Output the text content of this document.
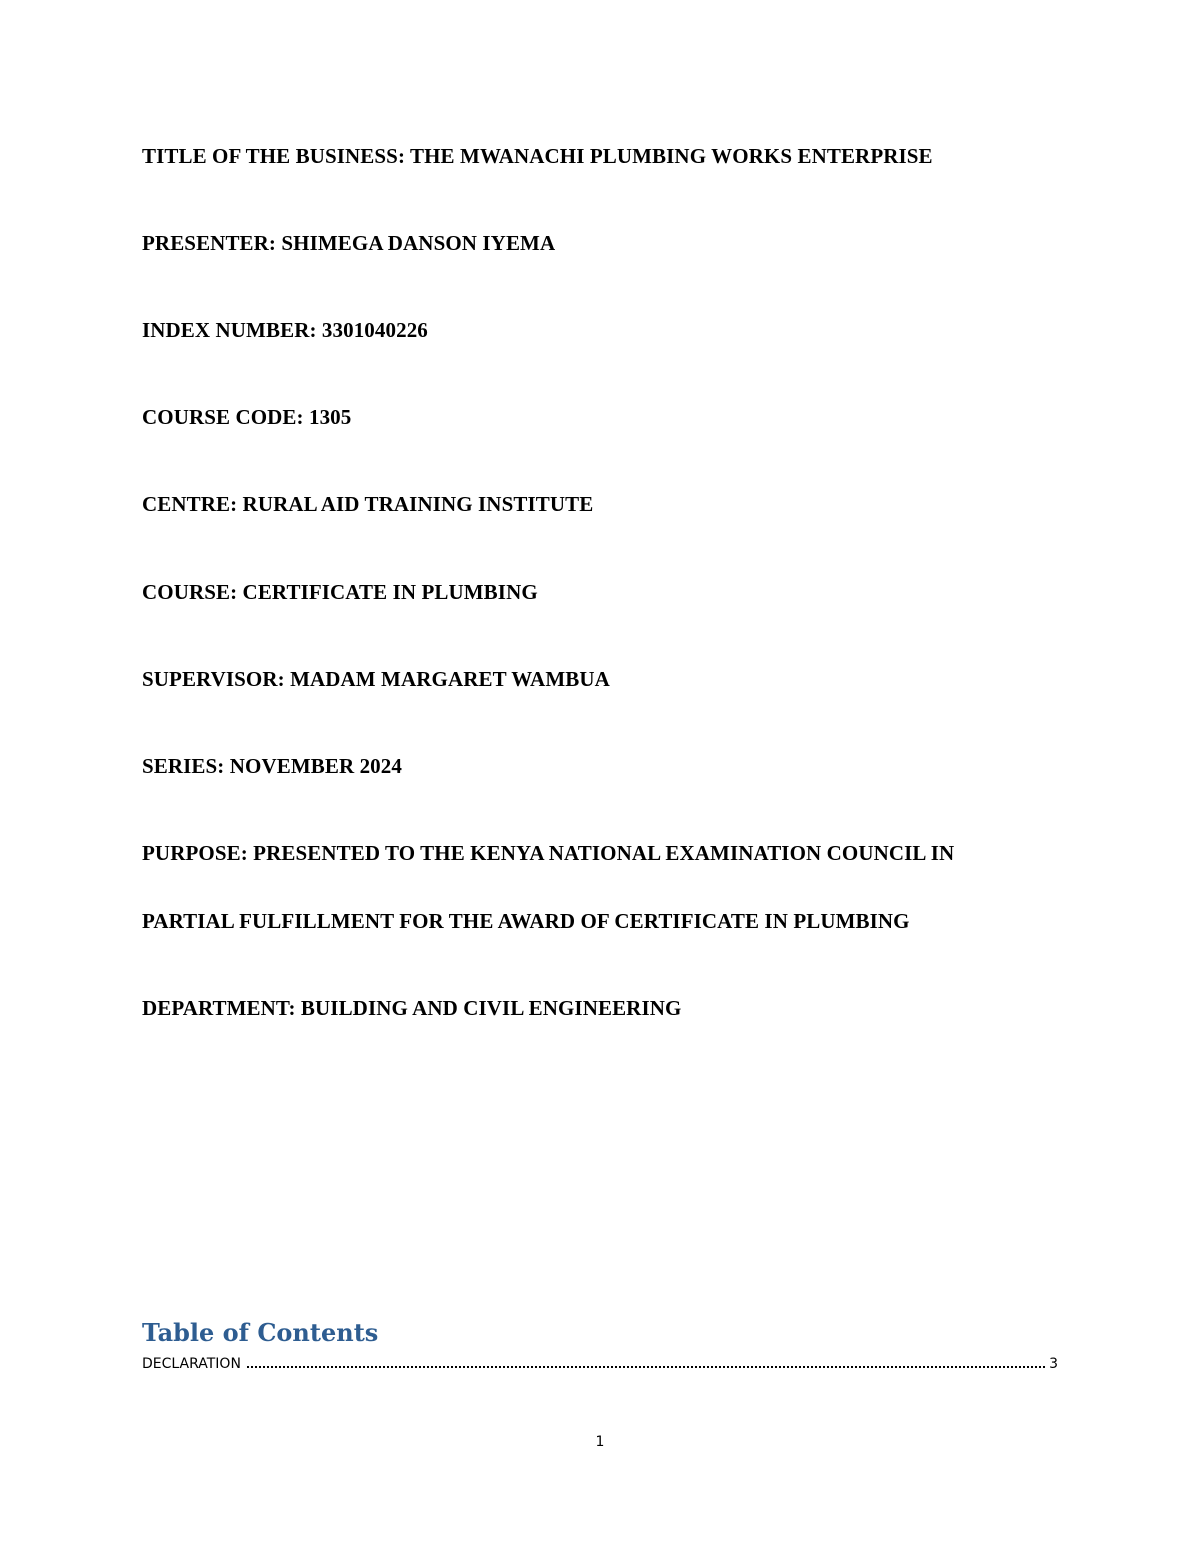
TITLE OF THE BUSINESS: THE MWANACHI PLUMBING WORKS ENTERPRISE

PRESENTER: SHIMEGA DANSON IYEMA

INDEX NUMBER: 3301040226

COURSE CODE: 1305

CENTRE: RURAL AID TRAINING INSTITUTE

COURSE: CERTIFICATE IN PLUMBING

SUPERVISOR: MADAM MARGARET WAMBUA

SERIES: NOVEMBER 2024

PURPOSE: PRESENTED TO THE KENYA NATIONAL EXAMINATION COUNCIL IN

PARTIAL FULFILLMENT FOR THE AWARD OF CERTIFICATE IN PLUMBING

DEPARTMENT: BUILDING AND CIVIL ENGINEERING

Table of Contents
DECLARATION	3
1
